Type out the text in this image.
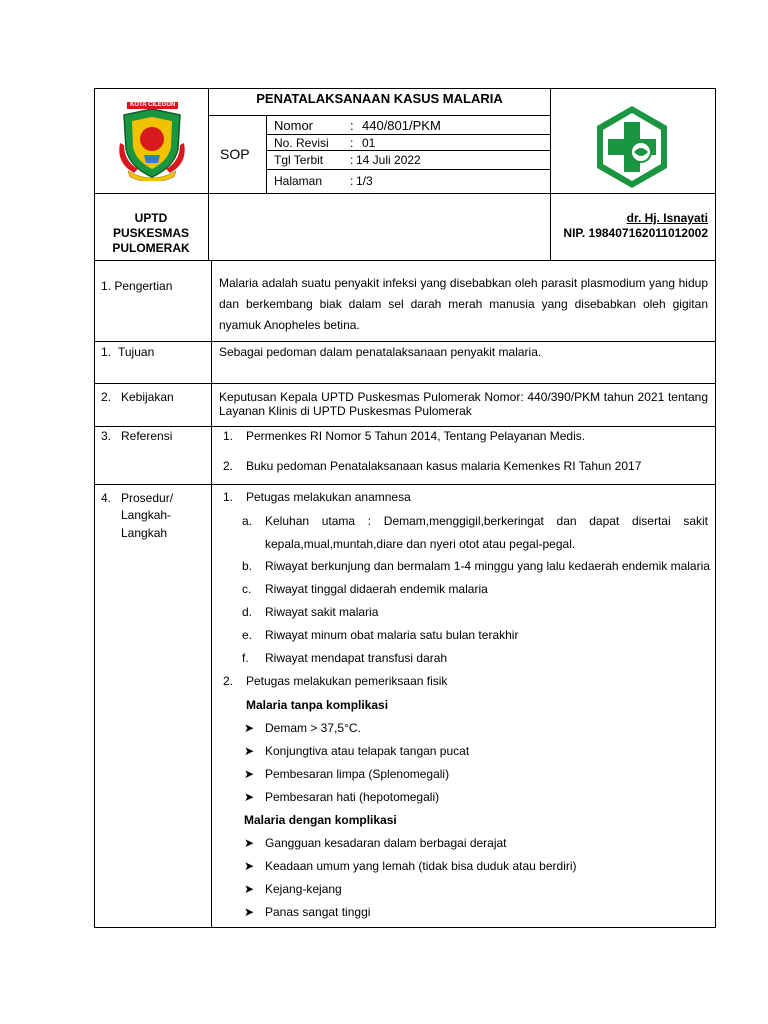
KOTA CILEGON	PENATALAKSANAAN KASUS MALARIA
SOP
Nomor	: 440/801/PKM
No. Revisi : 01
Tgl Terbit : 14 Juli 2022
Halaman : 1/3
UPTD
PUSKESMAS
PULOMERAK
dr. Hj. Isnayati
NIP. 198407162011012002
1. Pengertian	Malaria adalah suatu penyakit infeksi yang disebabkan oleh parasit plasmodium yang hidup dan berkembang biak dalam sel darah merah manusia yang disebabkan oleh gigitan nyamuk Anopheles betina.
1. Tujuan	Sebagai pedoman dalam penatalaksanaan penyakit malaria.
2. Kebijakan	Keputusan Kepala UPTD Puskesmas Pulomerak Nomor: 440/390/PKM tahun 2021 tentang Layanan Klinis di UPTD Puskesmas Pulomerak
3. Referensi	1. Permenkes RI Nomor 5 Tahun 2014, Tentang Pelayanan Medis.
2. Buku pedoman Penatalaksanaan kasus malaria Kemenkes RI Tahun 2017
4. Prosedur/
Langkah-
Langkah
1. Petugas melakukan anamnesa
a. Keluhan utama : Demam,menggigil,berkeringat dan dapat disertai sakit kepala,mual,muntah,diare dan nyeri otot atau pegal-pegal.
b. Riwayat berkunjung dan bermalam 1-4 minggu yang lalu kedaerah endemik malaria
c. Riwayat tinggal didaerah endemik malaria
d. Riwayat sakit malaria
e. Riwayat minum obat malaria satu bulan terakhir
f. Riwayat mendapat transfusi darah
2. Petugas melakukan pemeriksaan fisik
Malaria tanpa komplikasi
➤ Demam > 37,5°C.
➤ Konjungtiva atau telapak tangan pucat
➤ Pembesaran limpa (Splenomegali)
➤ Pembesaran hati (hepotomegali)
Malaria dengan komplikasi
➤ Gangguan kesadaran dalam berbagai derajat
➤ Keadaan umum yang lemah (tidak bisa duduk atau berdiri)
➤ Kejang-kejang
➤ Panas sangat tinggi
